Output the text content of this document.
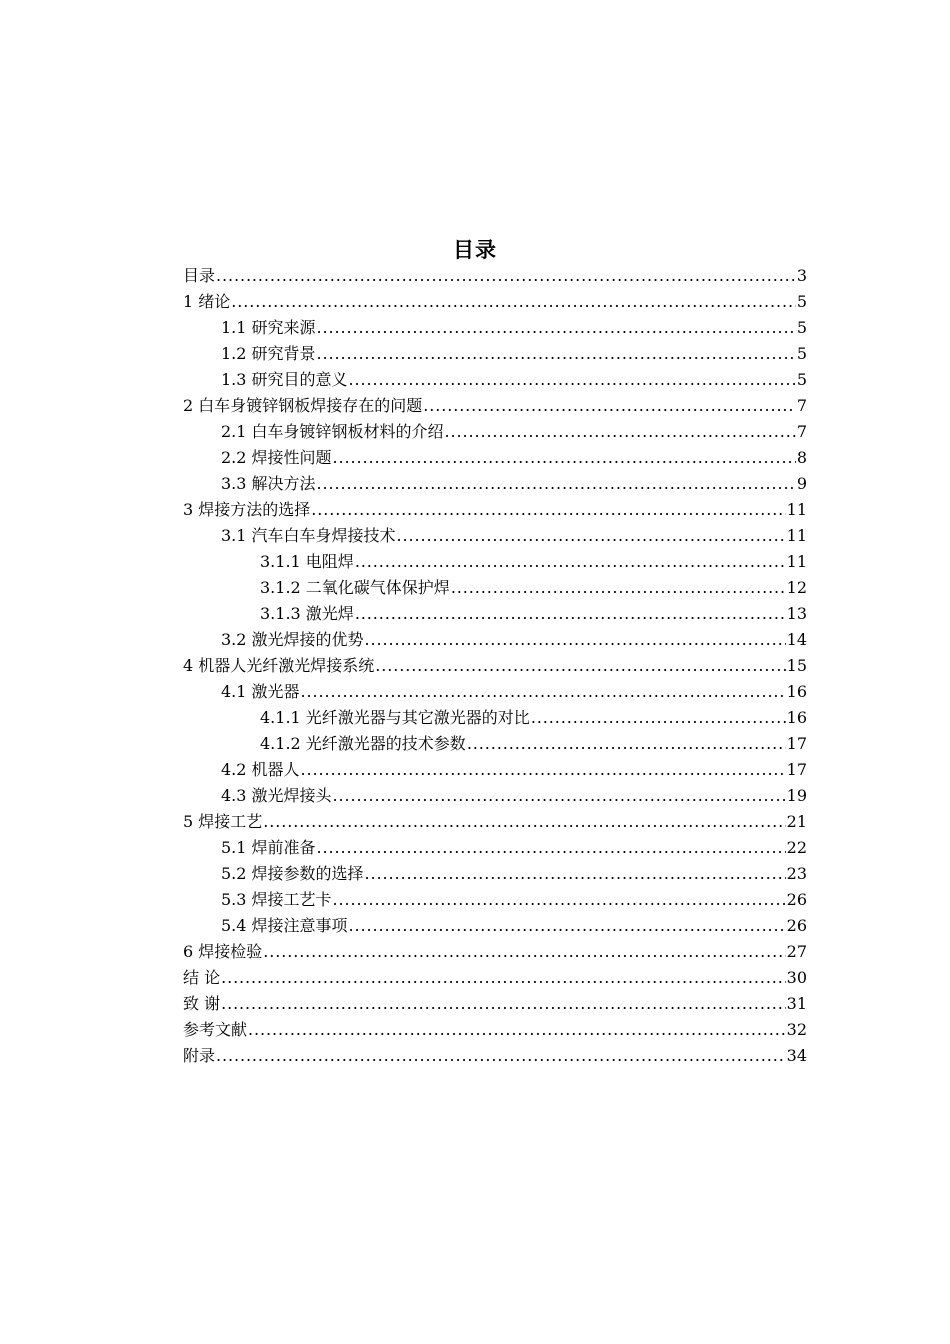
目录
目录 .....	3
1 绪论 .....	5
1.1 研究来源 .....	5
1.2 研究背景 .....	5
1.3 研究目的意义 .....	5
2 白车身镀锌钢板焊接存在的问题 .....	7
2.1 白车身镀锌钢板材料的介绍 .....	7
2.2 焊接性问题 .....	8
3.3 解决方法 .....	9
3 焊接方法的选择 .....	11
3.1 汽车白车身焊接技术 .....	11
3.1.1 电阻焊 .....	11
3.1.2 二氧化碳气体保护焊 .....	12
3.1.3 激光焊 .....	13
3.2 激光焊接的优势 .....	14
4 机器人光纤激光焊接系统 .....	15
4.1 激光器 .....	16
4.1.1 光纤激光器与其它激光器的对比 .....	16
4.1.2 光纤激光器的技术参数 .....	17
4.2 机器人 .....	17
4.3 激光焊接头 .....	19
5 焊接工艺 .....	21
5.1 焊前准备 .....	22
5.2 焊接参数的选择 .....	23
5.3 焊接工艺卡 .....	26
5.4 焊接注意事项 .....	26
6 焊接检验 .....	27
结 论 .....	30
致 谢 .....	31
参考文献 .....	32
附录 .....	34
